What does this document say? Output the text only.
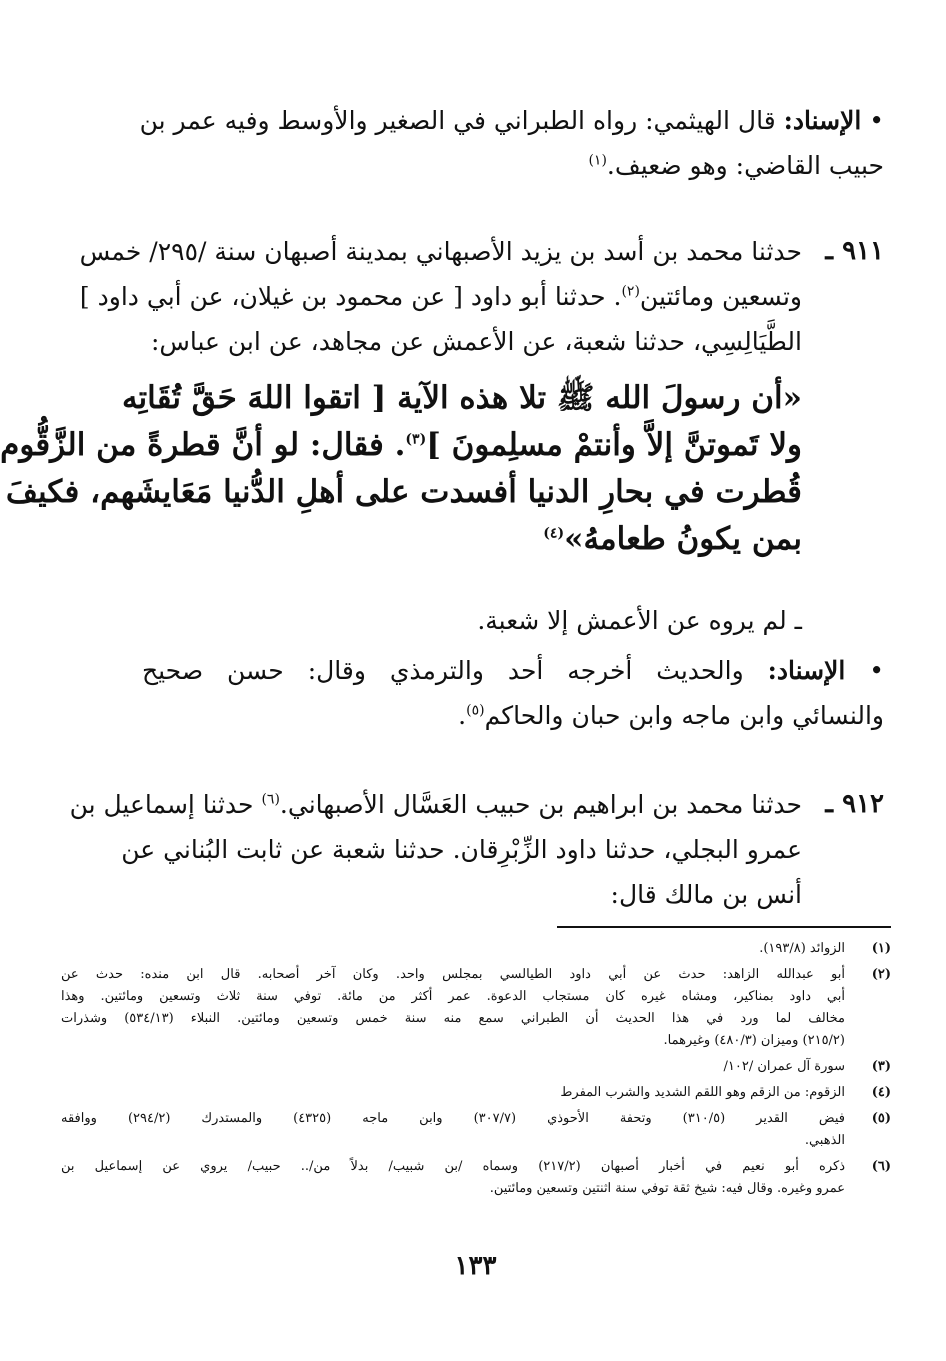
• الإسناد: قال الهيثمي: رواه الطبراني في الصغير والأوسط وفيه عمر بن
حبيب القاضي: وهو ضعيف.$^{(١)}$
٩١١ ـ
حدثنا محمد بن أسد بن يزيد الأصبهاني بمدينة أصبهان سنة /٢٩٥/ خمس
وتسعين ومائتين$^{(٢)}$. حدثنا أبو داود [ عن محمود بن غيلان، عن أبي داود ]
الطَّيَالِسِي، حدثنا شعبة، عن الأعمش عن مجاهد، عن ابن عباس:
«أن رسولَ الله ﷺ تلا هذه الآية [ اتقوا اللهَ حَقَّ تُقَاتِه
ولا تَموتنَّ إلاَّ وأنتمْ مسلِمونَ ]$^{(٣)}$. فقال: لو أنَّ قطرةً من الزَّقُّوم
قُطرت في بحارِ الدنيا أفسدت على أهلِ الدُّنيا مَعَايشَهم، فكيفَ
بمن يكونُ طعامهُ»$^{(٤)}$
ـ لم يروه عن الأعمش إلا شعبة.
• الإسناد: والحديث أخرجه أحد والترمذي وقال: حسن صحيح
والنسائي وابن ماجه وابن حبان والحاكم$^{(٥)}$.
٩١٢ ـ
حدثنا محمد بن ابراهيم بن حبيب العَسَّال الأصبهاني.$^{(٦)}$ حدثنا إسماعيل بن
عمرو البجلي، حدثنا داود الزِّبْرِقان. حدثنا شعبة عن ثابت البُناني عن
أنس بن مالك قال:
(١)
الزوائد (١٩٣/٨).
(٢)
أبو عبدالله الزاهد: حدث عن أبي داود الطيالسي بمجلس واحد. وكان آخر أصحابه. قال ابن منده: حدث عن
أبي داود بمناكير، ومشاه غيره كان مستجاب الدعوة. عمر أكثر من مائة. توفي سنة ثلاث وتسعين ومائتين. وهذا
مخالف لما ورد في هذا الحديث أن الطبراني سمع منه سنة خمس وتسعين ومائتين. النبلاء (٥٣٤/١٣) وشذرات
(٢١٥/٢) وميزان (٤٨٠/٣) وغيرهما.
(٣)
سورة آل عمران /١٠٢/
(٤)
الزقوم: من الزقم وهو اللقم الشديد والشرب المفرط
(٥)
فيض القدير (٣١٠/٥) وتحفة الأحوذي (٣٠٧/٧) وابن ماجه (٤٣٢٥) والمستدرك (٢٩٤/٢) ووافقه
الذهبي.
(٦)
ذكره أبو نعيم في أخبار أصبهان (٢١٧/٢) وسماه /بن شبيب/ بدلاً من/.. حبيب/ يروي عن إسماعيل بن
عمرو وغيره. وقال فيه: شيخ ثقة توفي سنة اثنتين وتسعين ومائتين.
١٣٣
